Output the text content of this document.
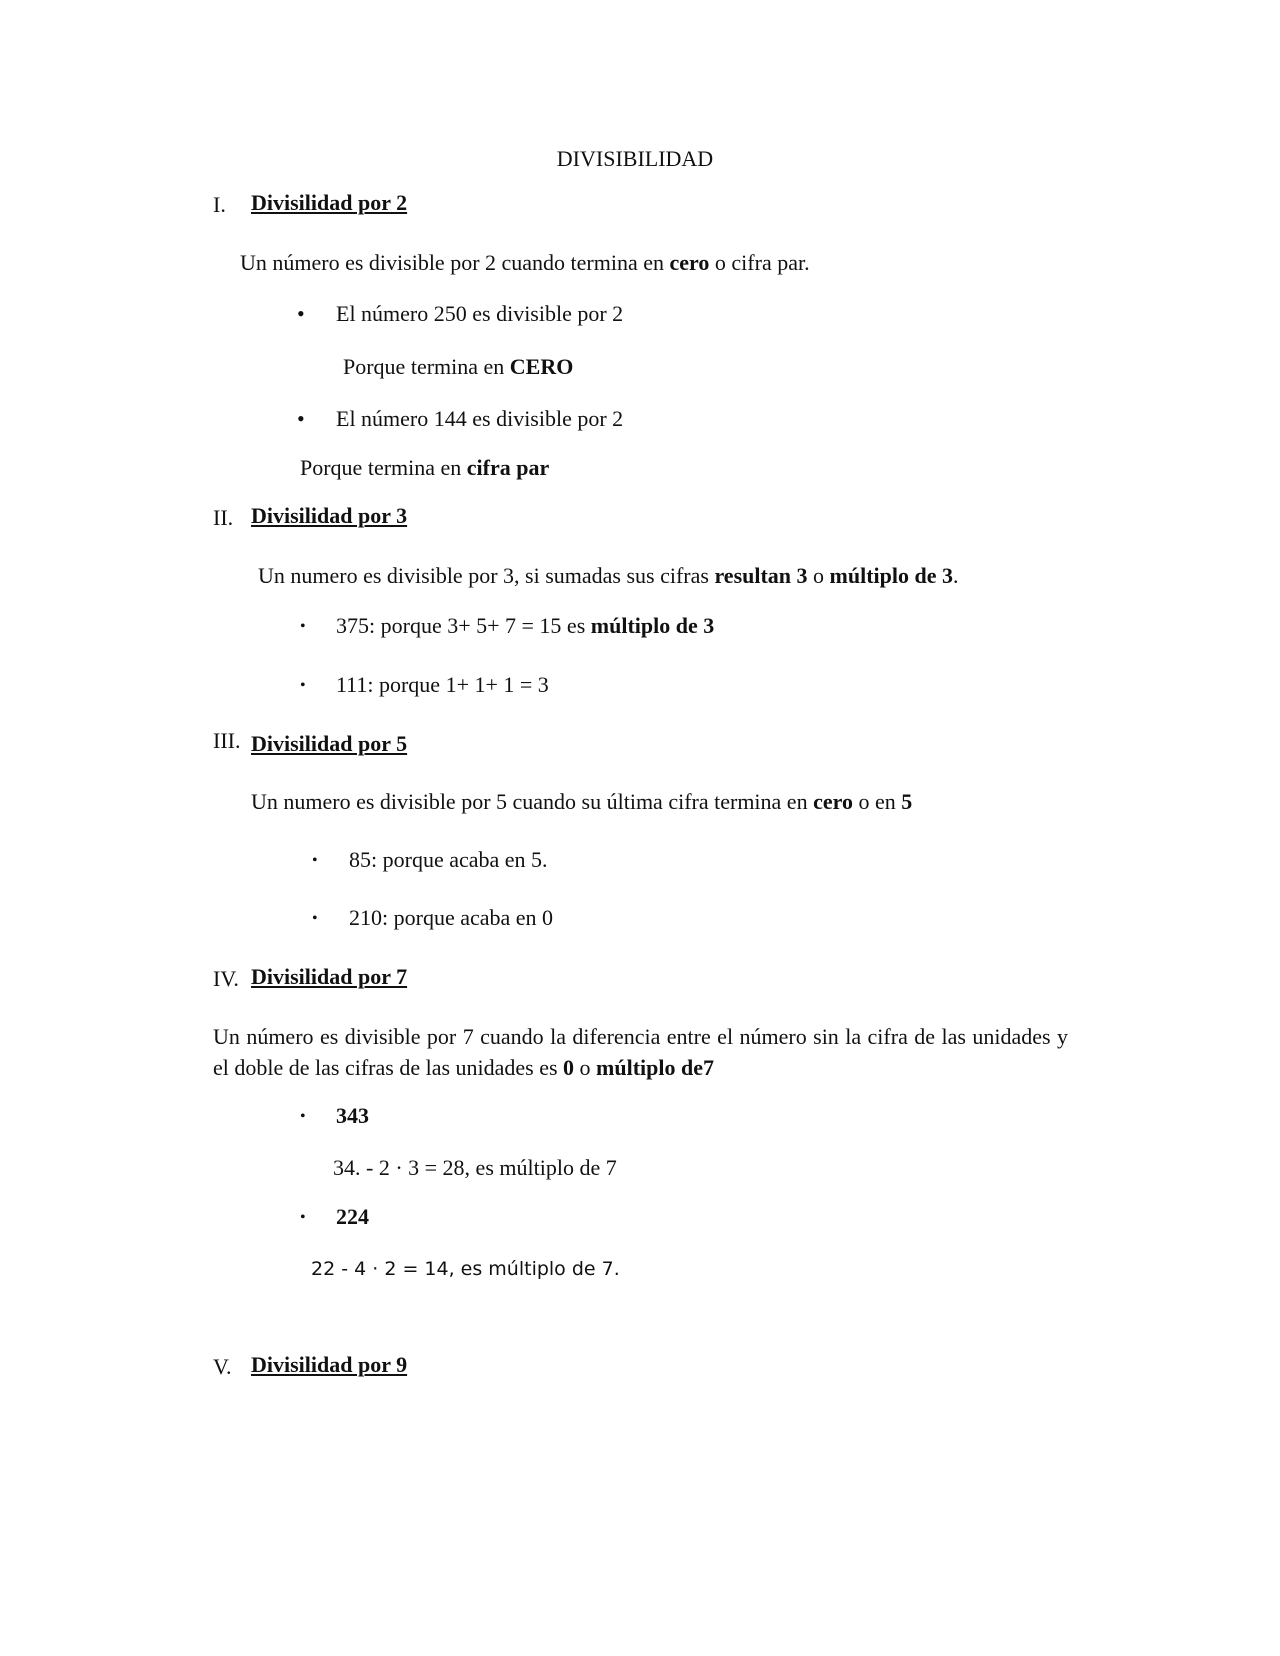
DIVISIBILIDAD
I. Divisilidad por 2
Un número es divisible por 2 cuando termina en cero o cifra par.
• El número 250 es divisible por 2
Porque termina en CERO
• El número 144 es divisible por 2
Porque termina en cifra par
II. Divisilidad por 3
Un numero es divisible por 3, si sumadas sus cifras resultan 3 o múltiplo de 3.
• 375: porque 3+ 5+ 7 = 15 es múltiplo de 3
• 111: porque 1+ 1+ 1 = 3
III. Divisilidad por 5
Un numero es divisible por 5 cuando su última cifra termina en cero o en 5
• 85: porque acaba en 5.
• 210: porque acaba en 0
IV. Divisilidad por 7
Un número es divisible por 7 cuando la diferencia entre el número sin la cifra de las unidades y el doble de las cifras de las unidades es 0 o múltiplo de7
• 343
34. - 2 · 3 = 28, es múltiplo de 7
• 224
22 - 4 · 2 = 14, es múltiplo de 7.
V. Divisilidad por 9
